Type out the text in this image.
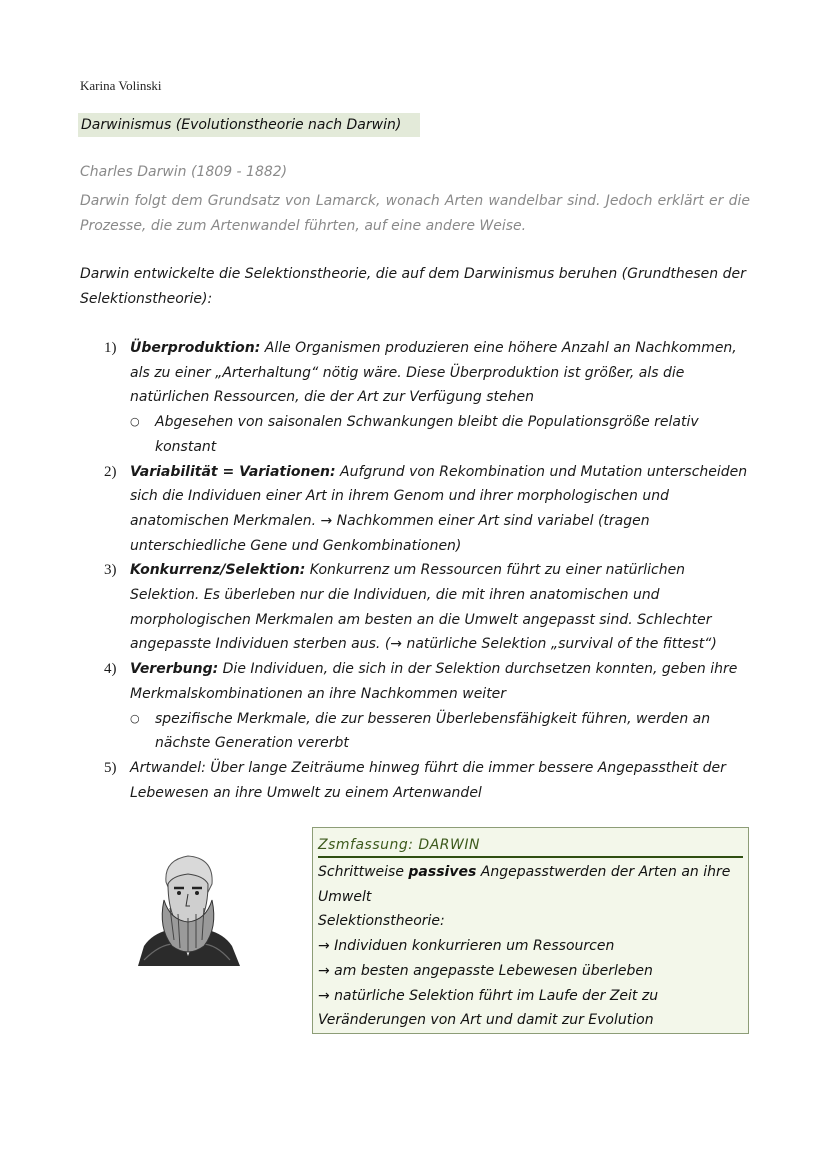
Karina Volinski
Darwinismus (Evolutionstheorie nach Darwin)
Charles Darwin (1809 - 1882)
Darwin folgt dem Grundsatz von Lamarck, wonach Arten wandelbar sind. Jedoch erklärt er die Prozesse, die zum Artenwandel führten, auf eine andere Weise.
Darwin entwickelte die Selektionstheorie, die auf dem Darwinismus beruhen (Grundthesen der Selektionstheorie):
1) Überproduktion: Alle Organismen produzieren eine höhere Anzahl an Nachkommen, als zu einer „Arterhaltung“ nötig wäre. Diese Überproduktion ist größer, als die natürlichen Ressourcen, die der Art zur Verfügung stehen
○ Abgesehen von saisonalen Schwankungen bleibt die Populationsgröße relativ konstant
2) Variabilität = Variationen: Aufgrund von Rekombination und Mutation unterscheiden sich die Individuen einer Art in ihrem Genom und ihrer morphologischen und anatomischen Merkmalen. → Nachkommen einer Art sind variabel (tragen unterschiedliche Gene und Genkombinationen)
3) Konkurrenz/Selektion: Konkurrenz um Ressourcen führt zu einer natürlichen Selektion. Es überleben nur die Individuen, die mit ihren anatomischen und morphologischen Merkmalen am besten an die Umwelt angepasst sind. Schlechter angepasste Individuen sterben aus. (→ natürliche Selektion „survival of the fittest“)
4) Vererbung: Die Individuen, die sich in der Selektion durchsetzen konnten, geben ihre Merkmalskombinationen an ihre Nachkommen weiter
○ spezifische Merkmale, die zur besseren Überlebensfähigkeit führen, werden an nächste Generation vererbt
5) Artwandel: Über lange Zeiträume hinweg führt die immer bessere Angepasstheit der Lebewesen an ihre Umwelt zu einem Artenwandel
Zsmfassung: DARWIN
Schrittweise passives Angepasstwerden der Arten an ihre Umwelt
Selektionstheorie:
→ Individuen konkurrieren um Ressourcen
→ am besten angepasste Lebewesen überleben
→ natürliche Selektion führt im Laufe der Zeit zu Veränderungen von Art und damit zur Evolution
